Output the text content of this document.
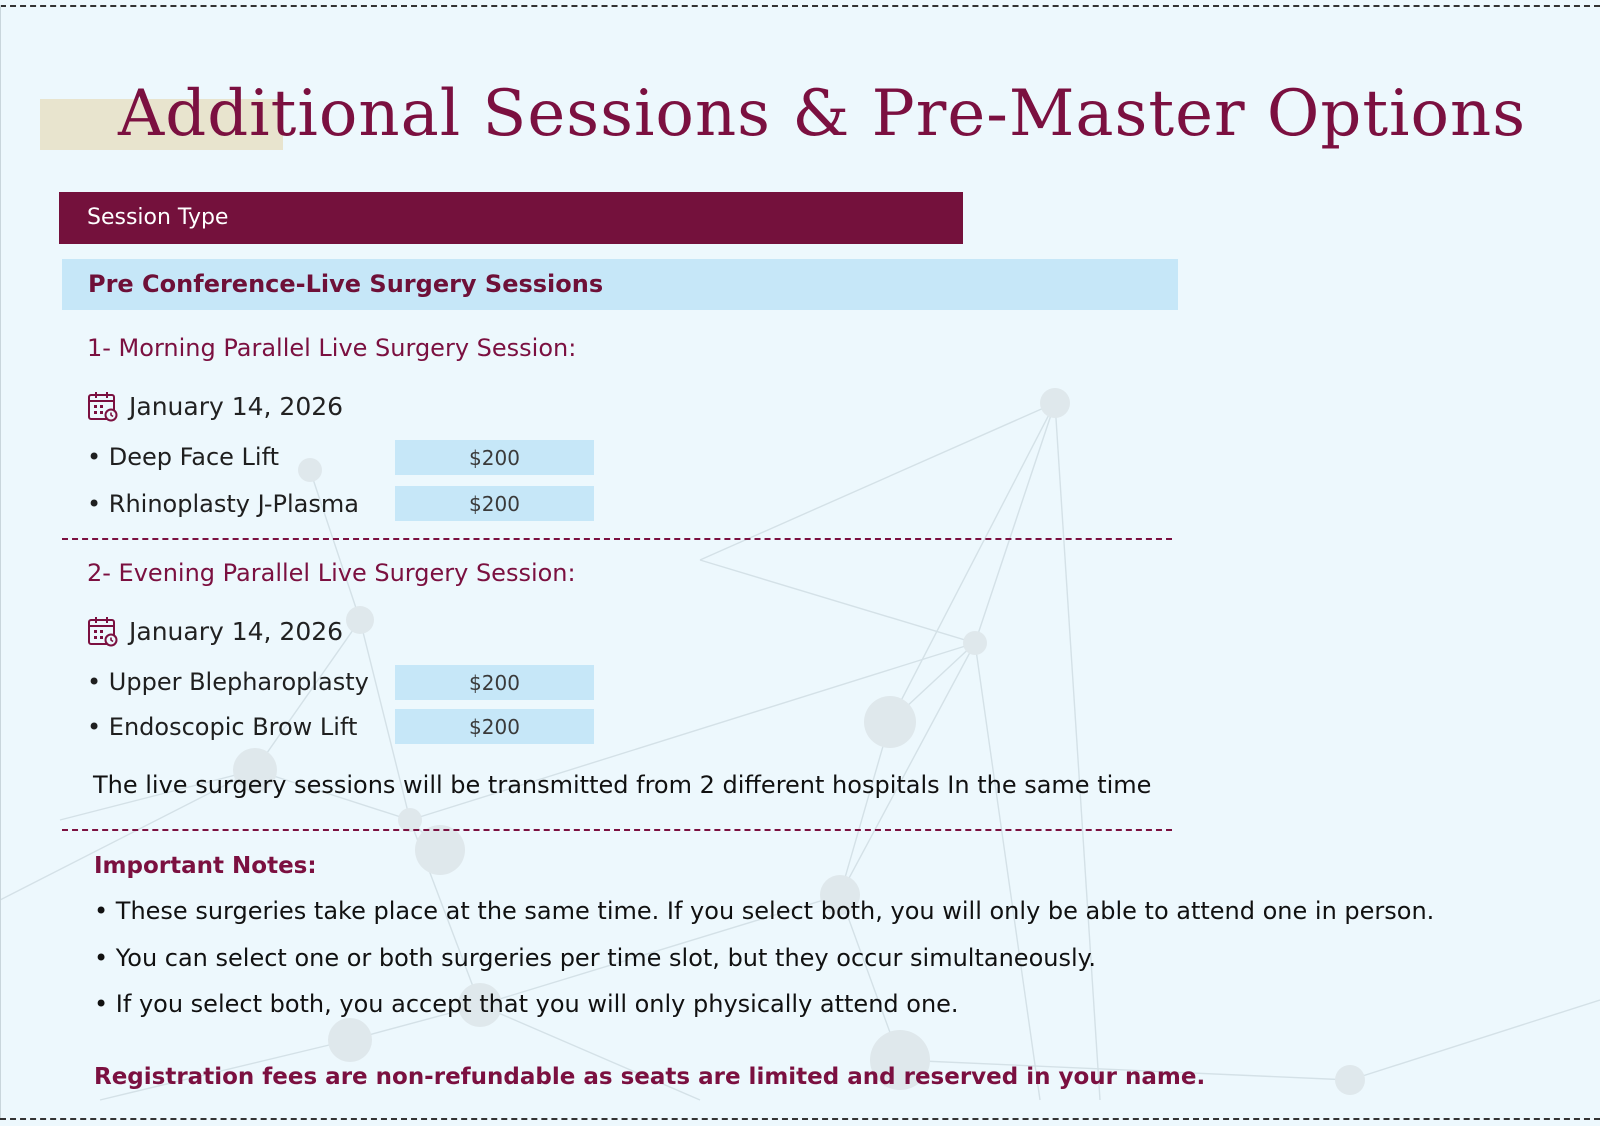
Additional Sessions & Pre-Master Options
Session Type
Pre Conference-Live Surgery Sessions
1- Morning Parallel Live Surgery Session:
January 14, 2026
• Deep Face Lift	$200
• Rhinoplasty J-Plasma	$200
2- Evening Parallel Live Surgery Session:
January 14, 2026
• Upper Blepharoplasty	$200
• Endoscopic Brow Lift	$200
The live surgery sessions will be transmitted from 2 different hospitals In the same time
Important Notes:
• These surgeries take place at the same time. If you select both, you will only be able to attend one in person.
• You can select one or both surgeries per time slot, but they occur simultaneously.
• If you select both, you accept that you will only physically attend one.
Registration fees are non-refundable as seats are limited and reserved in your name.
